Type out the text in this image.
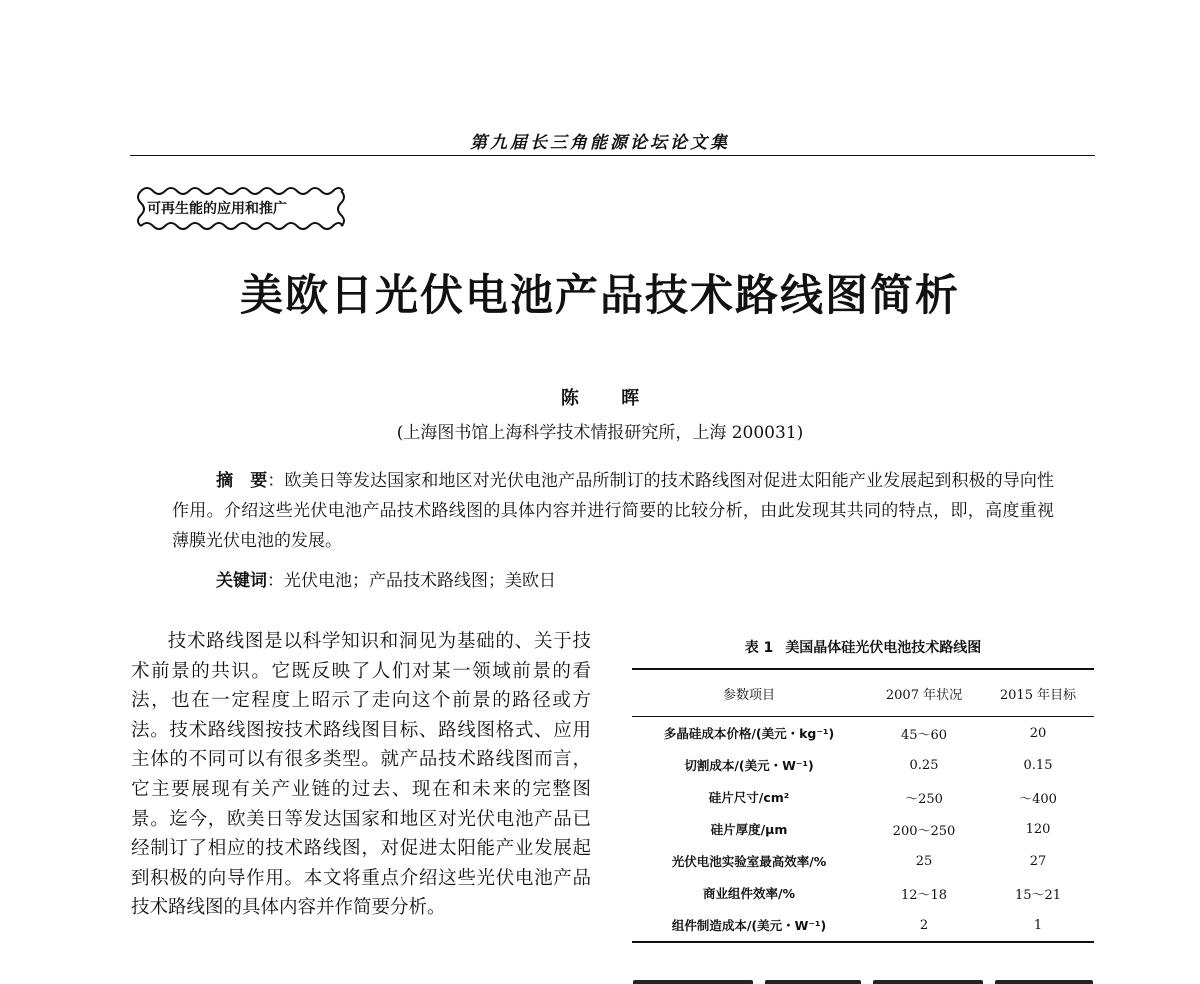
第九届长三角能源论坛论文集
可再生能的应用和推广
美欧日光伏电池产品技术路线图简析
陈 晖
(上海图书馆上海科学技术情报研究所，上海 200031)
摘　要：欧美日等发达国家和地区对光伏电池产品所制订的技术路线图对促进太阳能产业发展起到积极的导向性作用。介绍这些光伏电池产品技术路线图的具体内容并进行简要的比较分析，由此发现其共同的特点，即，高度重视薄膜光伏电池的发展。
关键词：光伏电池；产品技术路线图；美欧日
技术路线图是以科学知识和洞见为基础的、关于技术前景的共识。它既反映了人们对某一领域前景的看法，也在一定程度上昭示了走向这个前景的路径或方法。技术路线图按技术路线图目标、路线图格式、应用主体的不同可以有很多类型。就产品技术路线图而言，它主要展现有关产业链的过去、现在和未来的完整图景。迄今，欧美日等发达国家和地区对光伏电池产品已经制订了相应的技术路线图，对促进太阳能产业发展起到积极的向导作用。本文将重点介绍这些光伏电池产品技术路线图的具体内容并作简要分析。
表 1 美国晶体硅光伏电池技术路线图
参数项目	2007 年状况	2015 年目标
多晶硅成本价格/(美元・kg⁻¹)	45～60	20
切割成本/(美元・W⁻¹)	0.25	0.15
硅片尺寸/cm²	～250	～400
硅片厚度/μm	200～250	120
光伏电池实验室最高效率/%	25	27
商业组件效率/%	12～18	15～21
组件制造成本/(美元・W⁻¹)	2	1
